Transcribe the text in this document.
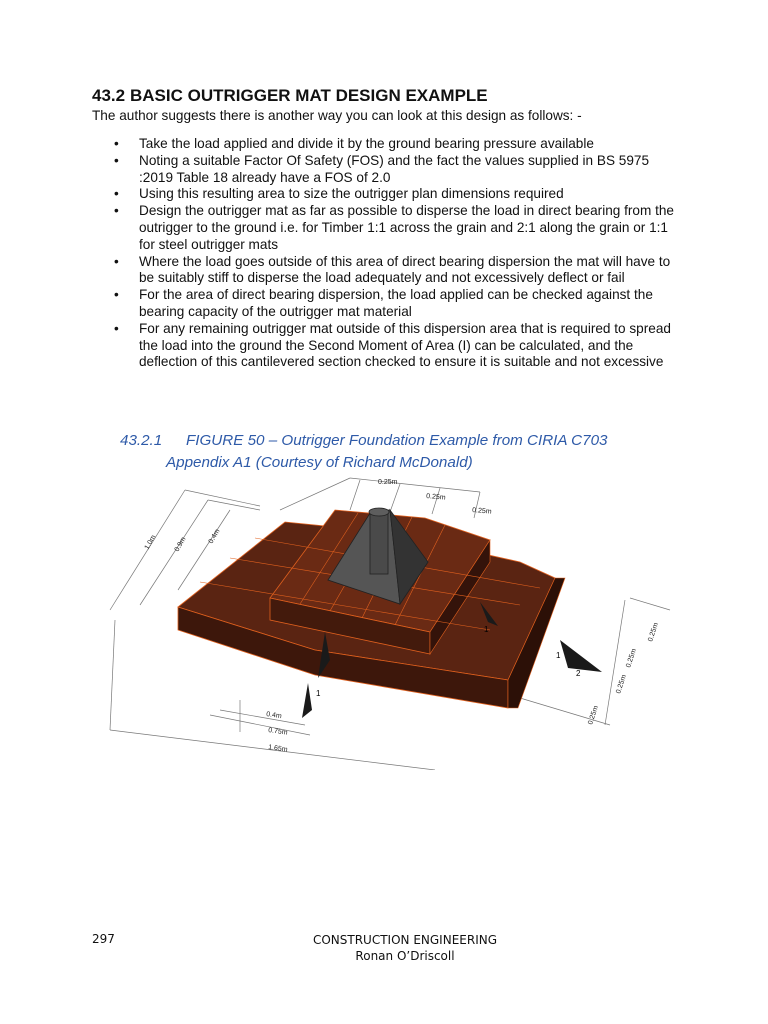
43.2 BASIC OUTRIGGER MAT DESIGN EXAMPLE

The author suggests there is another way you can look at this design as follows: -

• Take the load applied and divide it by the ground bearing pressure available
• Noting a suitable Factor Of Safety (FOS) and the fact the values supplied in BS 5975 :2019 Table 18 already have a FOS of 2.0
• Using this resulting area to size the outrigger plan dimensions required
• Design the outrigger mat as far as possible to disperse the load in direct bearing from the outrigger to the ground i.e. for Timber 1:1 across the grain and 2:1 along the grain or 1:1 for steel outrigger mats
• Where the load goes outside of this area of direct bearing dispersion the mat will have to be suitably stiff to disperse the load adequately and not excessively deflect or fail
• For the area of direct bearing dispersion, the load applied can be checked against the bearing capacity of the outrigger mat material
• For any remaining outrigger mat outside of this dispersion area that is required to spread the load into the ground the Second Moment of Area (I) can be calculated, and the deflection of this cantilevered section checked to ensure it is suitable and not excessive

43.2.1 FIGURE 50 – Outrigger Foundation Example from CIRIA C703
Appendix A1 (Courtesy of Richard McDonald)

1
2
1
1
0.25m
0.25m
0.25m
1.0m 0.9m	0.4m
0.4m
0.75m
1.65m
0.25m
0.25m
0.25m
0.25m
297	CONSTRUCTION ENGINEERING
Ronan O’Driscoll
